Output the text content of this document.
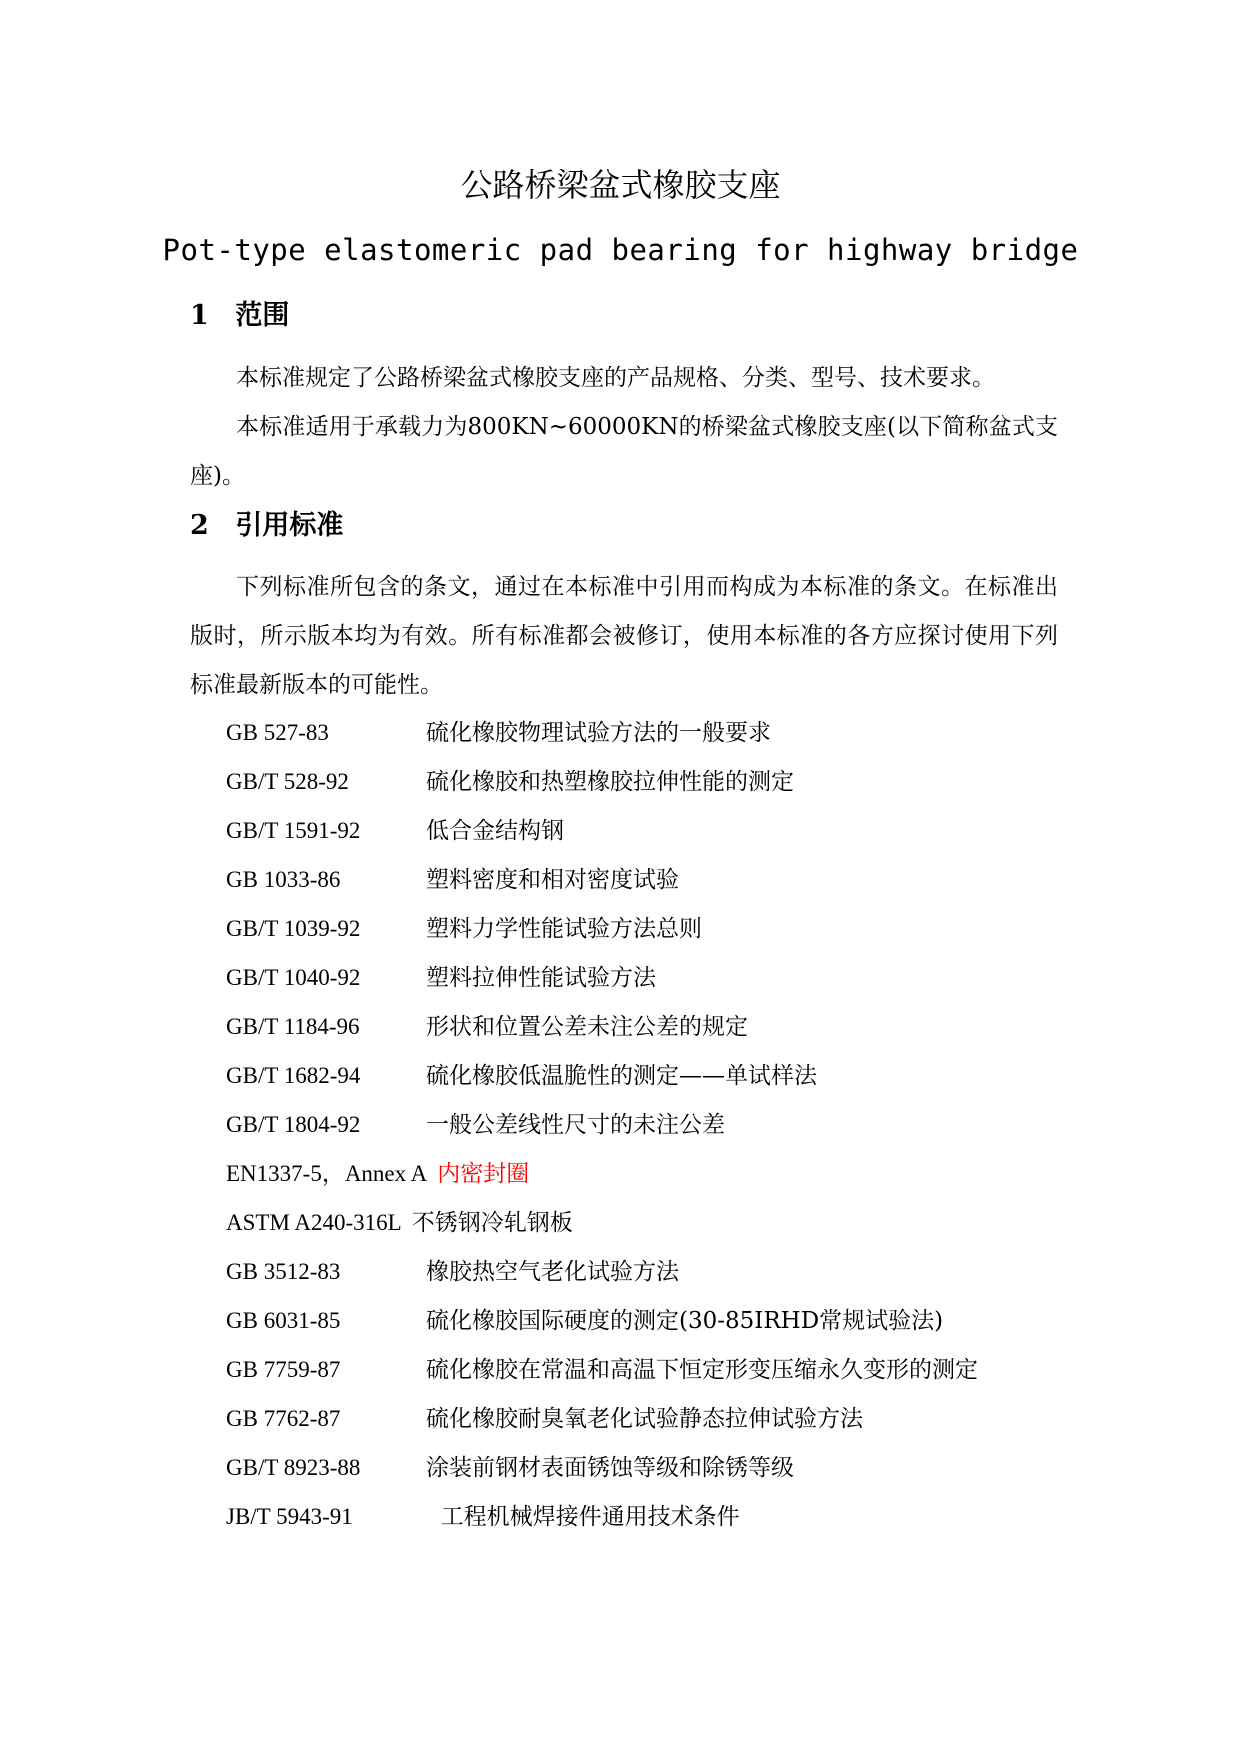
公路桥梁盆式橡胶支座
Pot-type elastomeric pad bearing for highway bridge
1 范围

本标准规定了公路桥梁盆式橡胶支座的产品规格、分类、型号、技术要求。

本标准适用于承载力为800KN~60000KN的桥梁盆式橡胶支座(以下简称盆式支座)。

2 引用标准

下列标准所包含的条文，通过在本标准中引用而构成为本标准的条文。在标准出版时，所示版本均为有效。所有标准都会被修订，使用本标准的各方应探讨使用下列标准最新版本的可能性。

GB 527-83	硫化橡胶物理试验方法的一般要求
GB/T 528-92	硫化橡胶和热塑橡胶拉伸性能的测定
GB/T 1591-92	低合金结构钢
GB 1033-86	塑料密度和相对密度试验
GB/T 1039-92	塑料力学性能试验方法总则
GB/T 1040-92	塑料拉伸性能试验方法
GB/T 1184-96	形状和位置公差未注公差的规定
GB/T 1682-94	硫化橡胶低温脆性的测定——单试样法
GB/T 1804-92	一般公差线性尺寸的未注公差
EN1337-5，Annex A 内密封圈
ASTM A240-316L 不锈钢冷轧钢板
GB 3512-83	橡胶热空气老化试验方法
GB 6031-85	硫化橡胶国际硬度的测定(30-85IRHD常规试验法)
GB 7759-87	硫化橡胶在常温和高温下恒定形变压缩永久变形的测定
GB 7762-87	硫化橡胶耐臭氧老化试验静态拉伸试验方法
GB/T 8923-88	涂装前钢材表面锈蚀等级和除锈等级
JB/T 5943-91	工程机械焊接件通用技术条件
